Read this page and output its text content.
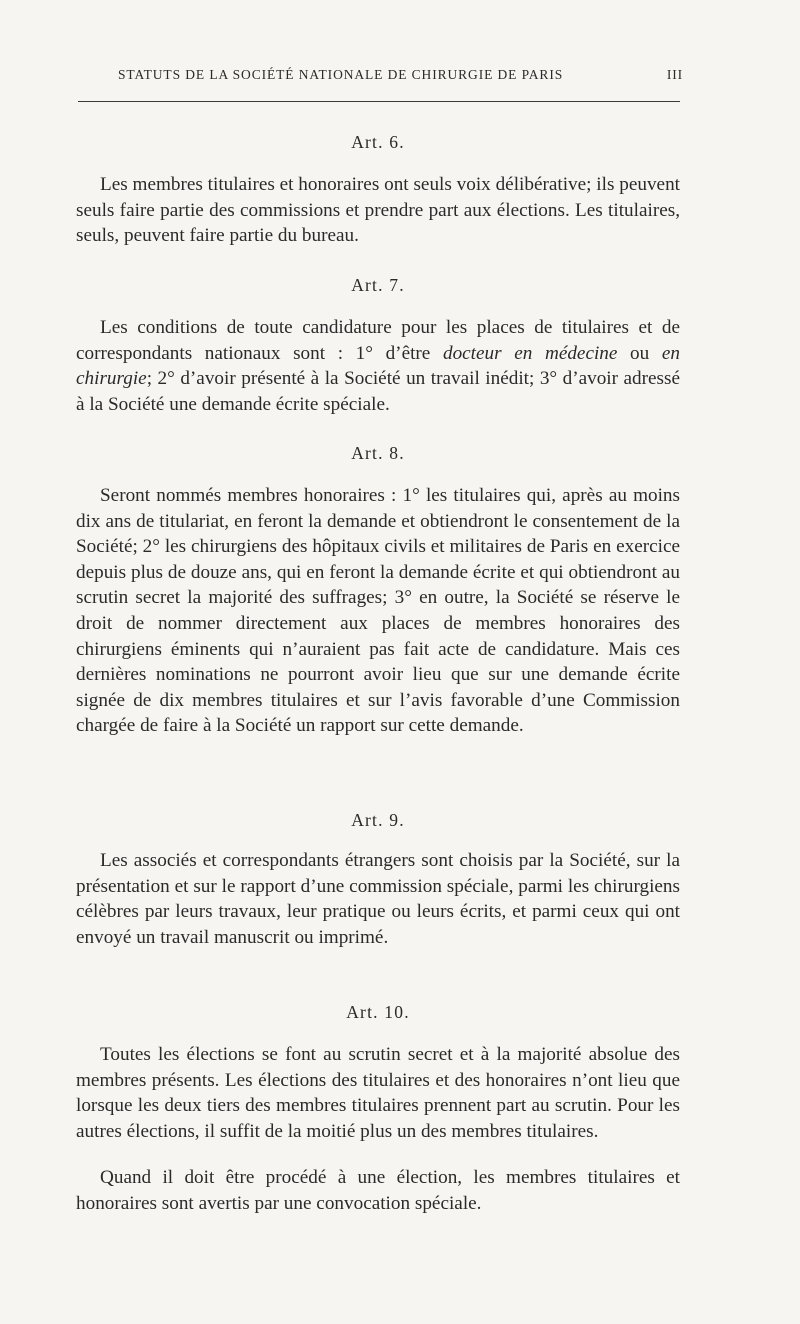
STATUTS DE LA SOCIÉTÉ NATIONALE DE CHIRURGIE DE PARIS	III
Art. 6.

Les membres titulaires et honoraires ont seuls voix délibérative; ils peuvent seuls faire partie des commissions et prendre part aux élections. Les titulaires, seuls, peuvent faire partie du bureau.

Art. 7.

Les conditions de toute candidature pour les places de titulaires et de correspondants nationaux sont : 1° d’être docteur en médecine ou en chirurgie; 2° d’avoir présenté à la Société un travail inédit; 3° d’avoir adressé à la Société une demande écrite spéciale.

Art. 8.

Seront nommés membres honoraires : 1° les titulaires qui, après au moins dix ans de titulariat, en feront la demande et obtiendront le consentement de la Société; 2° les chirurgiens des hôpitaux civils et militaires de Paris en exercice depuis plus de douze ans, qui en feront la demande écrite et qui obtiendront au scrutin secret la majorité des suffrages; 3° en outre, la Société se réserve le droit de nommer directement aux places de membres honoraires des chirurgiens éminents qui n’auraient pas fait acte de candidature. Mais ces dernières nominations ne pourront avoir lieu que sur une demande écrite signée de dix membres titulaires et sur l’avis favorable d’une Commission chargée de faire à la Société un rapport sur cette demande.

Art. 9.

Les associés et correspondants étrangers sont choisis par la Société, sur la présentation et sur le rapport d’une commission spéciale, parmi les chirurgiens célèbres par leurs travaux, leur pratique ou leurs écrits, et parmi ceux qui ont envoyé un travail manuscrit ou imprimé.

Art. 10.

Toutes les élections se font au scrutin secret et à la majorité absolue des membres présents. Les élections des titulaires et des honoraires n’ont lieu que lorsque les deux tiers des membres titulaires prennent part au scrutin. Pour les autres élections, il suffit de la moitié plus un des membres titulaires.

Quand il doit être procédé à une élection, les membres titulaires et honoraires sont avertis par une convocation spéciale.
